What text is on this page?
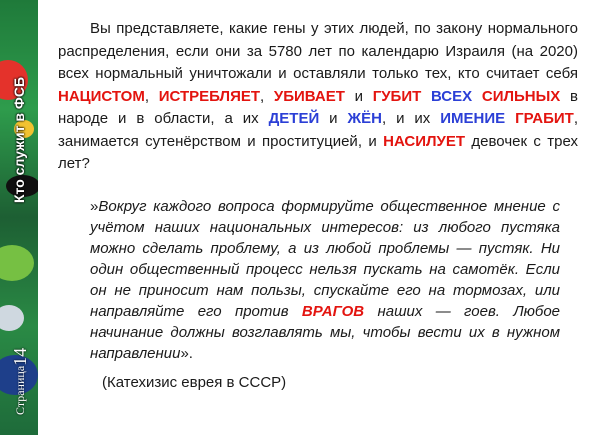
Кто служит в ФСБ
Страница14

Вы представляете, какие гены у этих людей, по закону нормального распределения, если они за 5780 лет по календарю Израиля (на 2020) всех нормальный уничтожали и оставляли только тех, кто считает себя НАЦИСТОМ, ИСТРЕБЛЯЕТ, УБИВАЕТ и ГУБИТ ВСЕХ СИЛЬНЫХ в народе и в области, а их ДЕТЕЙ и ЖЁН, и их ИМЕНИЕ ГРАБИТ, занимается сутенёрством и проституцией, и НАСИЛУЕТ девочек с трех лет?

»Вокруг каждого вопроса формируйте общественное мнение с учётом наших национальных интересов: из любого пустяка можно сделать проблему, а из любой проблемы — пустяк. Ни один общественный процесс нельзя пускать на самотёк. Если он не приносит нам пользы, спускайте его на тормозах, или направляйте его против ВРАГОВ наших — гоев. Любое начинание должны возглавлять мы, чтобы вести их в нужном направлении».

(Катехизис еврея в СССР)
